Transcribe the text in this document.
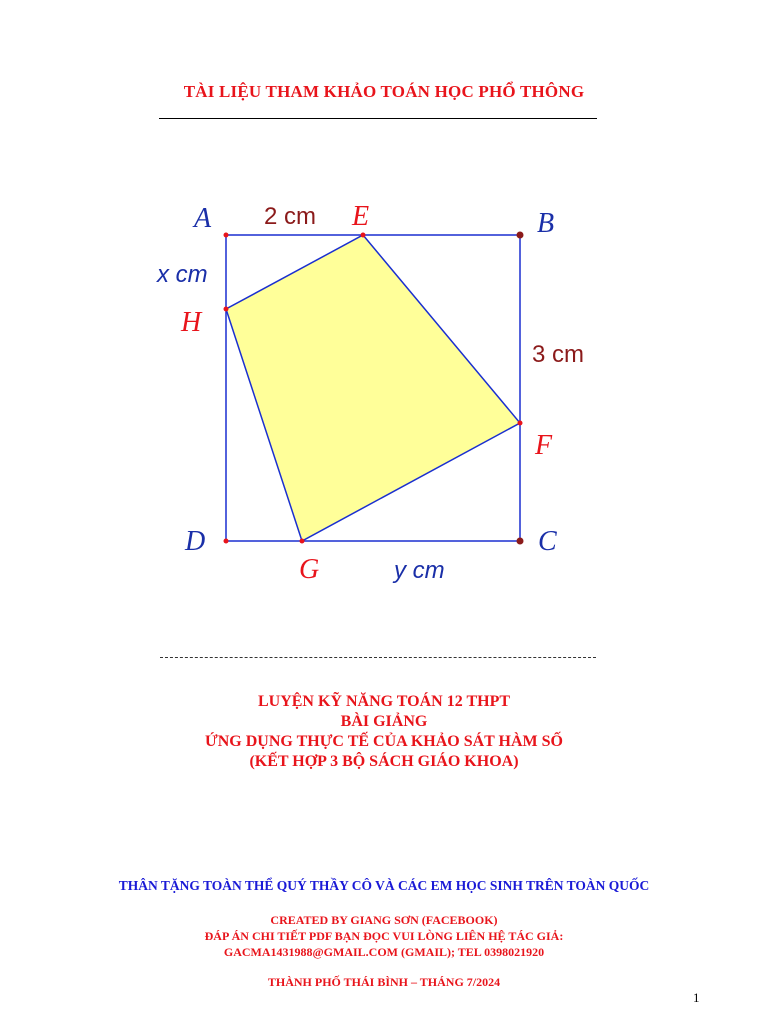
TÀI LIỆU THAM KHẢO TOÁN HỌC PHỔ THÔNG
A	E	B
H
F
D
G
C
2 cm
x cm
3 cm
y cm
LUYỆN KỸ NĂNG TOÁN 12 THPT
BÀI GIẢNG
ỨNG DỤNG THỰC TẾ CỦA KHẢO SÁT HÀM SỐ
(KẾT HỢP 3 BỘ SÁCH GIÁO KHOA)
THÂN TẶNG TOÀN THỂ QUÝ THẦY CÔ VÀ CÁC EM HỌC SINH TRÊN TOÀN QUỐC
CREATED BY GIANG SƠN (FACEBOOK)
ĐÁP ÁN CHI TIẾT PDF BẠN ĐỌC VUI LÒNG LIÊN HỆ TÁC GIẢ:
GACMA1431988@GMAIL.COM (GMAIL); TEL 0398021920
THÀNH PHỐ THÁI BÌNH – THÁNG 7/2024
1
